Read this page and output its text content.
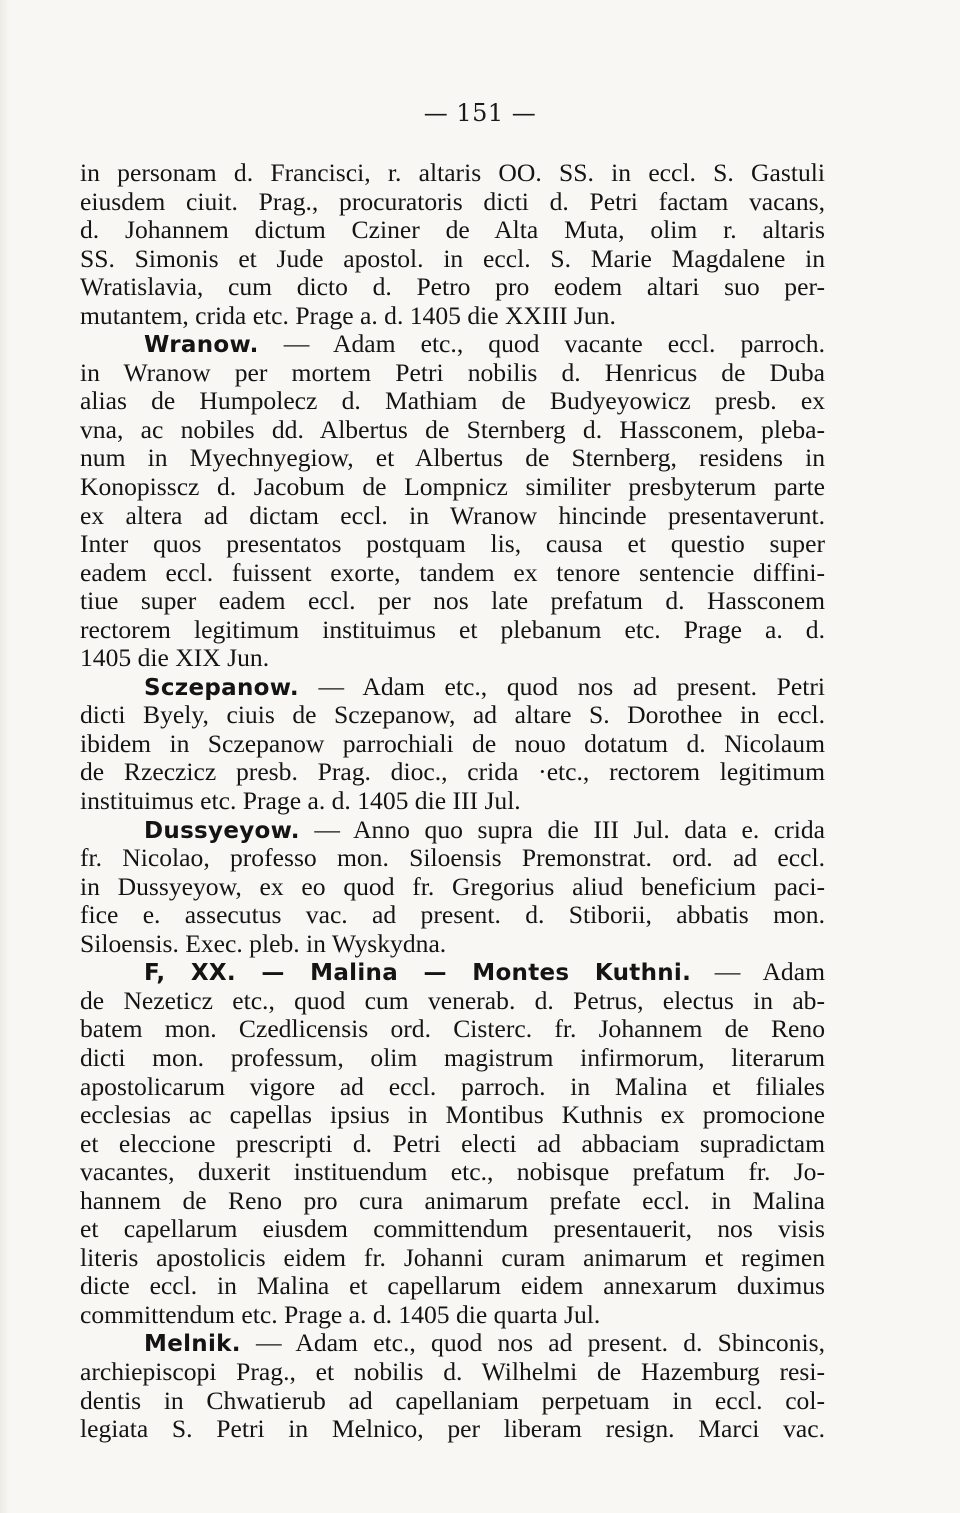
— 151 —
in personam d. Francisci, r. altaris OO. SS. in eccl. S. Gastuli
eiusdem ciuit. Prag., procuratoris dicti d. Petri factam vacans,
d. Johannem dictum Cziner de Alta Muta, olim r. altaris
SS. Simonis et Jude apostol. in eccl. S. Marie Magdalene in
Wratislavia, cum dicto d. Petro pro eodem altari suo per-
mutantem, crida etc. Prage a. d. 1405 die XXIII Jun.
Wranow. — Adam etc., quod vacante eccl. parroch.
in Wranow per mortem Petri nobilis d. Henricus de Duba
alias de Humpolecz d. Mathiam de Budyeyowicz presb. ex
vna, ac nobiles dd. Albertus de Sternberg d. Hassconem, pleba-
num in Myechnyegiow, et Albertus de Sternberg, residens in
Konopisscz d. Jacobum de Lompnicz similiter presbyterum parte
ex altera ad dictam eccl. in Wranow hincinde presentaverunt.
Inter quos presentatos postquam lis, causa et questio super
eadem eccl. fuissent exorte, tandem ex tenore sentencie diffini-
tiue super eadem eccl. per nos late prefatum d. Hassconem
rectorem legitimum instituimus et plebanum etc. Prage a. d.
1405 die XIX Jun.
Sczepanow. — Adam etc., quod nos ad present. Petri
dicti Byely, ciuis de Sczepanow, ad altare S. Dorothee in eccl.
ibidem in Sczepanow parrochiali de nouo dotatum d. Nicolaum
de Rzeczicz presb. Prag. dioc., crida ·etc., rectorem legitimum
instituimus etc. Prage a. d. 1405 die III Jul.
Dussyeyow. — Anno quo supra die III Jul. data e. crida
fr. Nicolao, professo mon. Siloensis Premonstrat. ord. ad eccl.
in Dussyeyow, ex eo quod fr. Gregorius aliud beneficium paci-
fice e. assecutus vac. ad present. d. Stiborii, abbatis mon.
Siloensis. Exec. pleb. in Wyskydna.
F, XX. — Malina — Montes Kuthni. — Adam
de Nezeticz etc., quod cum venerab. d. Petrus, electus in ab-
batem mon. Czedlicensis ord. Cisterc. fr. Johannem de Reno
dicti mon. professum, olim magistrum infirmorum, literarum
apostolicarum vigore ad eccl. parroch. in Malina et filiales
ecclesias ac capellas ipsius in Montibus Kuthnis ex promocione
et eleccione prescripti d. Petri electi ad abbaciam supradictam
vacantes, duxerit instituendum etc., nobisque prefatum fr. Jo-
hannem de Reno pro cura animarum prefate eccl. in Malina
et capellarum eiusdem committendum presentauerit, nos visis
literis apostolicis eidem fr. Johanni curam animarum et regimen
dicte eccl. in Malina et capellarum eidem annexarum duximus
committendum etc. Prage a. d. 1405 die quarta Jul.
Melnik. — Adam etc., quod nos ad present. d. Sbinconis,
archiepiscopi Prag., et nobilis d. Wilhelmi de Hazemburg resi-
dentis in Chwatierub ad capellaniam perpetuam in eccl. col-
legiata S. Petri in Melnico, per liberam resign. Marci vac.
